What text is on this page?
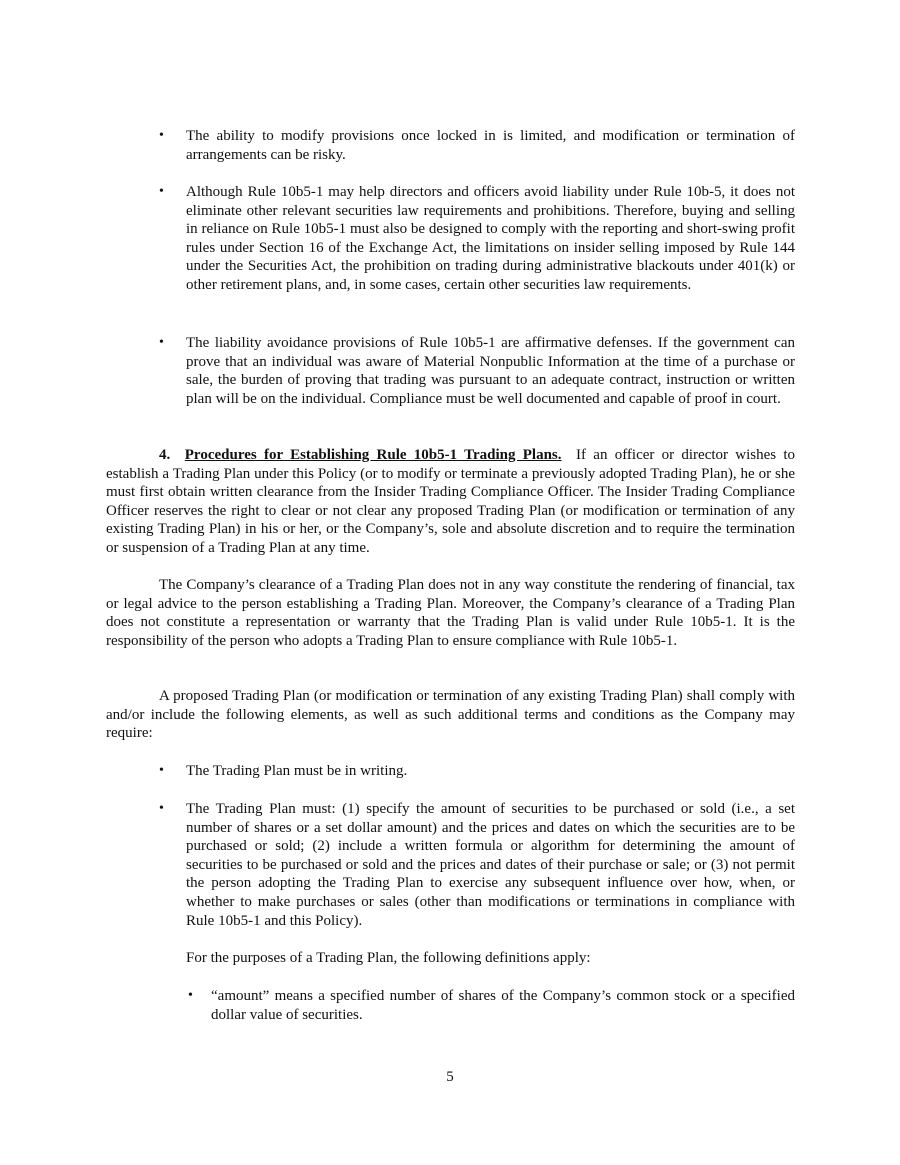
• The ability to modify provisions once locked in is limited, and modification or termination of arrangements can be risky.

• Although Rule 10b5-1 may help directors and officers avoid liability under Rule 10b-5, it does not eliminate other relevant securities law requirements and prohibitions. Therefore, buying and selling in reliance on Rule 10b5-1 must also be designed to comply with the reporting and short-swing profit rules under Section 16 of the Exchange Act, the limitations on insider selling imposed by Rule 144 under the Securities Act, the prohibition on trading during administrative blackouts under 401(k) or other retirement plans, and, in some cases, certain other securities law requirements.

• The liability avoidance provisions of Rule 10b5-1 are affirmative defenses. If the government can prove that an individual was aware of Material Nonpublic Information at the time of a purchase or sale, the burden of proving that trading was pursuant to an adequate contract, instruction or written plan will be on the individual. Compliance must be well documented and capable of proof in court.

4. Procedures for Establishing Rule 10b5-1 Trading Plans. If an officer or director wishes to establish a Trading Plan under this Policy (or to modify or terminate a previously adopted Trading Plan), he or she must first obtain written clearance from the Insider Trading Compliance Officer. The Insider Trading Compliance Officer reserves the right to clear or not clear any proposed Trading Plan (or modification or termination of any existing Trading Plan) in his or her, or the Company’s, sole and absolute discretion and to require the termination or suspension of a Trading Plan at any time.

The Company’s clearance of a Trading Plan does not in any way constitute the rendering of financial, tax or legal advice to the person establishing a Trading Plan. Moreover, the Company’s clearance of a Trading Plan does not constitute a representation or warranty that the Trading Plan is valid under Rule 10b5-1. It is the responsibility of the person who adopts a Trading Plan to ensure compliance with Rule 10b5-1.

A proposed Trading Plan (or modification or termination of any existing Trading Plan) shall comply with and/or include the following elements, as well as such additional terms and conditions as the Company may require:

• The Trading Plan must be in writing.

• The Trading Plan must: (1) specify the amount of securities to be purchased or sold (i.e., a set number of shares or a set dollar amount) and the prices and dates on which the securities are to be purchased or sold; (2) include a written formula or algorithm for determining the amount of securities to be purchased or sold and the prices and dates of their purchase or sale; or (3) not permit the person adopting the Trading Plan to exercise any subsequent influence over how, when, or whether to make purchases or sales (other than modifications or terminations in compliance with Rule 10b5-1 and this Policy).

For the purposes of a Trading Plan, the following definitions apply:

• “amount” means a specified number of shares of the Company’s common stock or a specified dollar value of securities.

5
